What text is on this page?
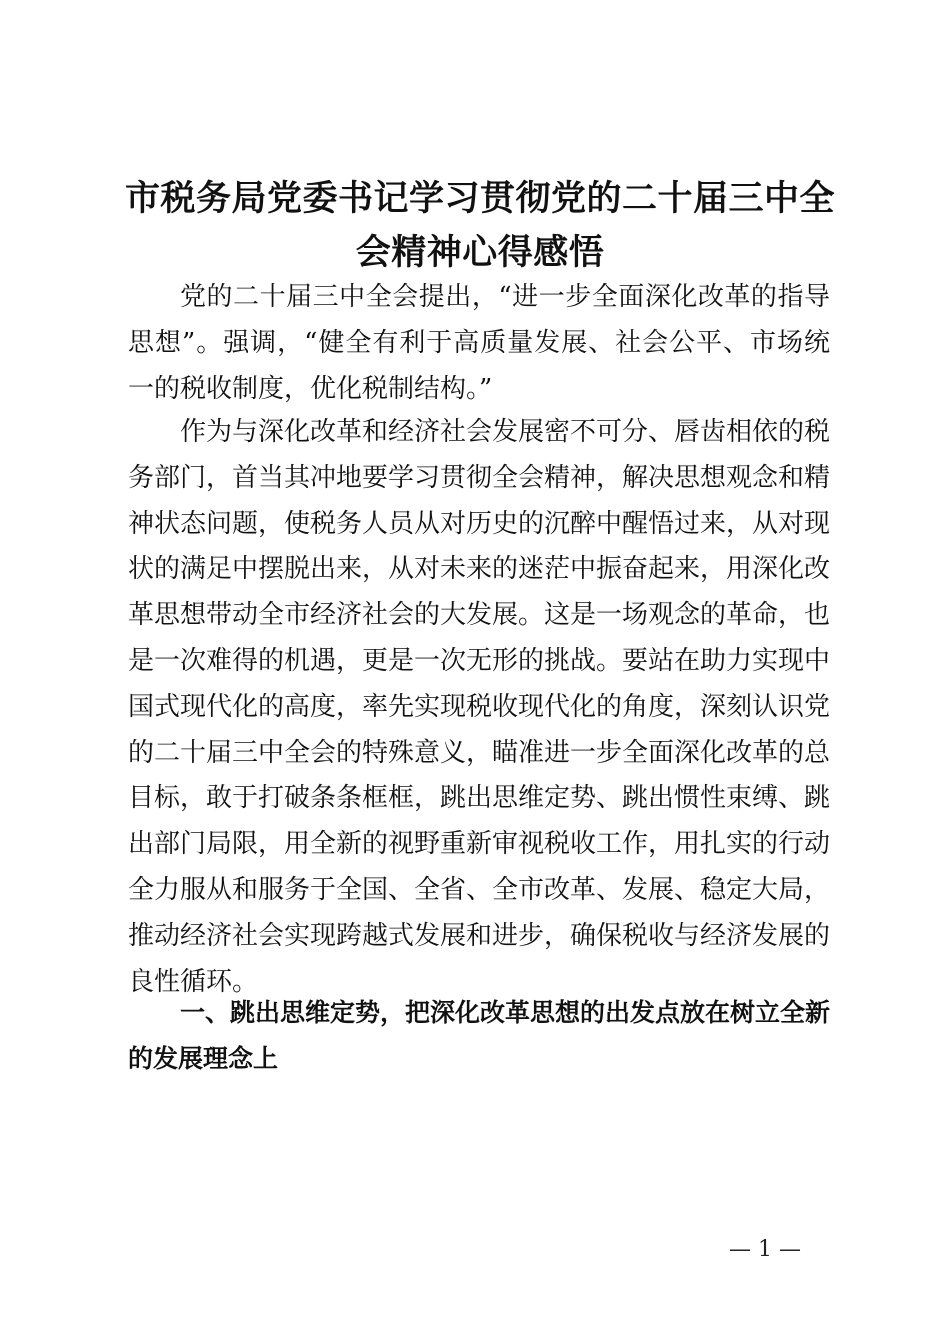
市税务局党委书记学习贯彻党的二十届三中全会精神心得感悟

党的二十届三中全会提出，“进一步全面深化改革的指导思想”。强调，“健全有利于高质量发展、社会公平、市场统一的税收制度，优化税制结构。”

作为与深化改革和经济社会发展密不可分、唇齿相依的税务部门，首当其冲地要学习贯彻全会精神，解决思想观念和精神状态问题，使税务人员从对历史的沉醉中醒悟过来，从对现状的满足中摆脱出来，从对未来的迷茫中振奋起来，用深化改革思想带动全市经济社会的大发展。这是一场观念的革命，也是一次难得的机遇，更是一次无形的挑战。要站在助力实现中国式现代化的高度，率先实现税收现代化的角度，深刻认识党的二十届三中全会的特殊意义，瞄准进一步全面深化改革的总目标，敢于打破条条框框，跳出思维定势、跳出惯性束缚、跳出部门局限，用全新的视野重新审视税收工作，用扎实的行动全力服从和服务于全国、全省、全市改革、发展、稳定大局，推动经济社会实现跨越式发展和进步，确保税收与经济发展的良性循环。

一、跳出思维定势，把深化改革思想的出发点放在树立全新的发展理念上

— 1 —
